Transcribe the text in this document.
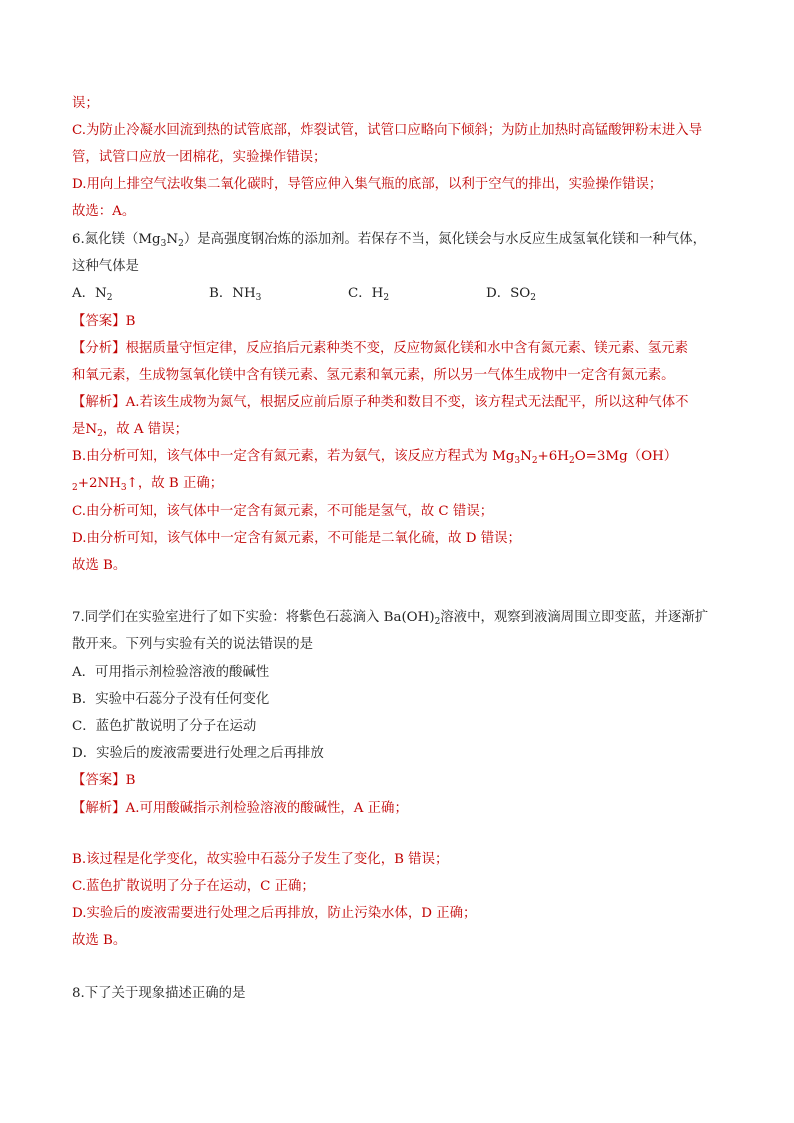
误；
C.为防止冷凝水回流到热的试管底部，炸裂试管，试管口应略向下倾斜；为防止加热时高锰酸钾粉末进入导
管，试管口应放一团棉花，实验操作错误；
D.用向上排空气法收集二氧化碳时，导管应伸入集气瓶的底部，以利于空气的排出，实验操作错误；
故选：A。
6.氮化镁$(Mg_3N_2)$是高强度钢冶炼的添加剂。若保存不当，氮化镁会与水反应生成氢氧化镁和一种气体，
这种气体是
A．$N_2$	B．$NH_3$	C．$H_2$	D．$SO_2$
【答案】B
【分析】根据质量守恒定律，反应掐后元素种类不变，反应物氮化镁和水中含有氮元素、镁元素、氢元素
和氧元素，生成物氢氧化镁中含有镁元素、氢元素和氧元素，所以另一气体生成物中一定含有氮元素。
【解析】A.若该生成物为氮气，根据反应前后原子种类和数目不变，该方程式无法配平，所以这种气体不
是$N_2$，故 A 错误；
B.由分析可知，该气体中一定含有氮元素，若为氨气，该反应方程式为 $Mg_3N_2+6H_2O=3Mg(OH)$
$_2+2NH_3↑$，故 B 正确；
C.由分析可知，该气体中一定含有氮元素，不可能是氢气，故 C 错误；
D.由分析可知，该气体中一定含有氮元素，不可能是二氧化硫，故 D 错误；
故选 B。
7.同学们在实验室进行了如下实验：将紫色石蕊滴入 $Ba(OH)_2$溶液中，观察到液滴周围立即变蓝，并逐渐扩
散开来。下列与实验有关的说法错误的是
A．可用指示剂检验溶液的酸碱性
B．实验中石蕊分子没有任何变化
C．蓝色扩散说明了分子在运动
D．实验后的废液需要进行处理之后再排放
【答案】B
【解析】A.可用酸碱指示剂检验溶液的酸碱性，A 正确；
B.该过程是化学变化，故实验中石蕊分子发生了变化，B 错误；
C.蓝色扩散说明了分子在运动，C 正确；
D.实验后的废液需要进行处理之后再排放，防止污染水体，D 正确；
故选 B。
8.下了关于现象描述正确的是
